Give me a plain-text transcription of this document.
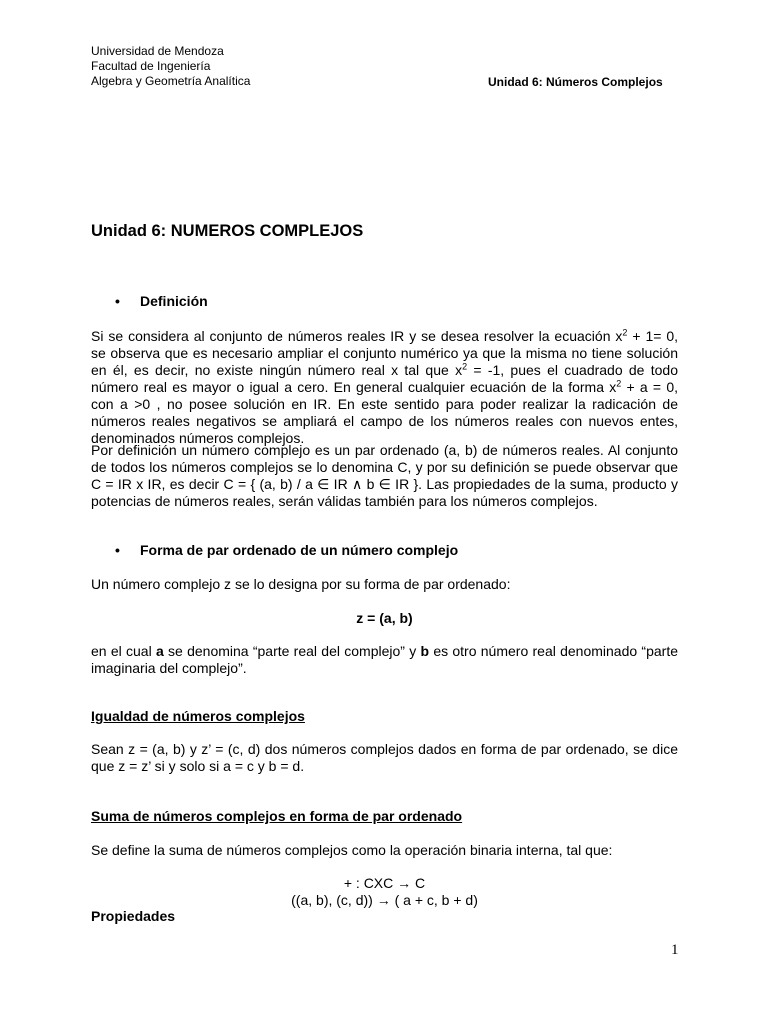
Universidad de Mendoza
Facultad de Ingeniería
Algebra y Geometría Analítica	Unidad 6: Números Complejos
Unidad 6: NUMEROS COMPLEJOS
• Definición

Si se considera al conjunto de números reales IR y se desea resolver la ecuación $x^2 + 1= 0$, se observa que es necesario ampliar el conjunto numérico ya que la misma no tiene solución en él, es decir, no existe ningún número real x tal que $x^2 = -1$, pues el cuadrado de todo número real es mayor o igual a cero. En general cualquier ecuación de la forma $x^2 + a = 0$, con a >0 , no posee solución en IR. En este sentido para poder realizar la radicación de números reales negativos se ampliará el campo de los números reales con nuevos entes, denominados números complejos.

Por definición un número complejo es un par ordenado (a, b) de números reales. Al conjunto de todos los números complejos se lo denomina C, y por su definición se puede observar que C = IR x IR, es decir C = { (a, b) / a ∈ IR ∧ b ∈ IR }. Las propiedades de la suma, producto y potencias de números reales, serán válidas también para los números complejos.

• Forma de par ordenado de un número complejo
Un número complejo z se lo designa por su forma de par ordenado:
z = (a, b)

en el cual a se denomina “parte real del complejo” y b es otro número real denominado “parte imaginaria del complejo”.

Igualdad de números complejos

Sean z = (a, b) y z’ = (c, d) dos números complejos dados en forma de par ordenado, se dice que z = z’ si y solo si a = c y b = d.

Suma de números complejos en forma de par ordenado
Se define la suma de números complejos como la operación binaria interna, tal que:
+ : CXC → C
((a, b), (c, d)) → ( a + c, b + d)
Propiedades
1
